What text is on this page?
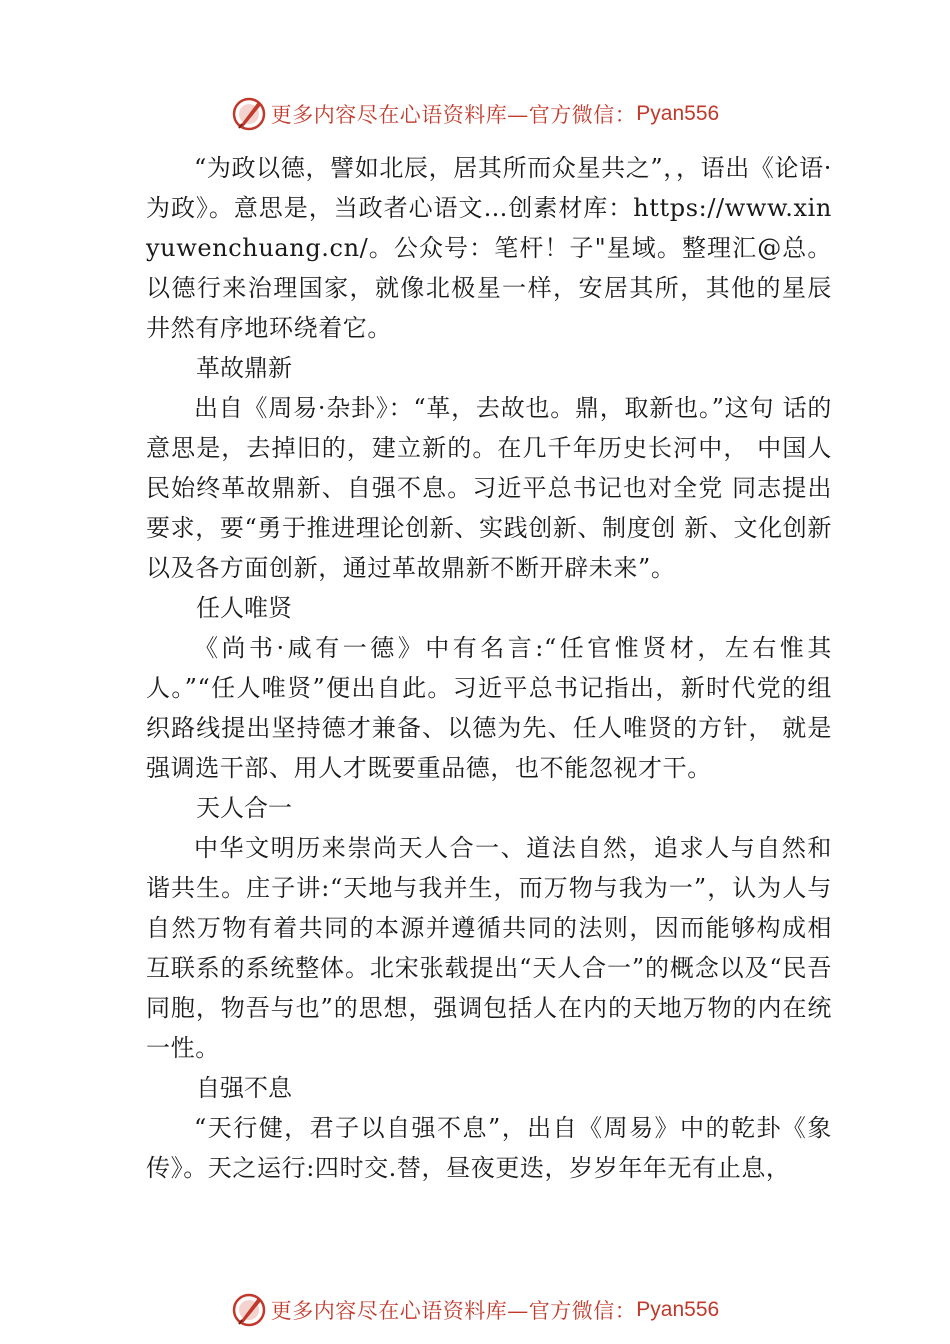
更多内容尽在心语资料库—官方微信： Pyan556

“为政以德，譬如北辰，居其所而众星共之”，，语出《论语·为政》。意思是，当政者心语文…创素材库：https://www.xinyuwenchuang.cn/。公众号：笔杆！子"星域。整理汇@总。以德行来治理国家，就像北极星一样，安居其所，其他的星辰井然有序地环绕着它。

革故鼎新

出自《周易·杂卦》：“革，去故也。鼎，取新也。”这句 话的意思是，去掉旧的，建立新的。在几千年历史长河中， 中国人民始终革故鼎新、自强不息。习近平总书记也对全党 同志提出要求，要“勇于推进理论创新、实践创新、制度创 新、文化创新以及各方面创新，通过革故鼎新不断开辟未来”。

任人唯贤

《尚书·咸有一德》中有名言:“任官惟贤材，左右惟其人。”“任人唯贤”便出自此。习近平总书记指出，新时代党的组织路线提出坚持德才兼备、以德为先、任人唯贤的方针， 就是强调选干部、用人才既要重品德，也不能忽视才干。

天人合一

中华文明历来崇尚天人合一、道法自然，追求人与自然和谐共生。庄子讲:“天地与我并生，而万物与我为一”，认为人与自然万物有着共同的本源并遵循共同的法则，因而能够构成相互联系的系统整体。北宋张载提出“天人合一”的概念以及“民吾同胞，物吾与也”的思想，强调包括人在内的天地万物的内在统一性。

自强不息

“天行健，君子以自强不息”，出自《周易》中的乾卦《象传》。天之运行:四时交.替，昼夜更迭，岁岁年年无有止息，

更多内容尽在心语资料库—官方微信： Pyan556
